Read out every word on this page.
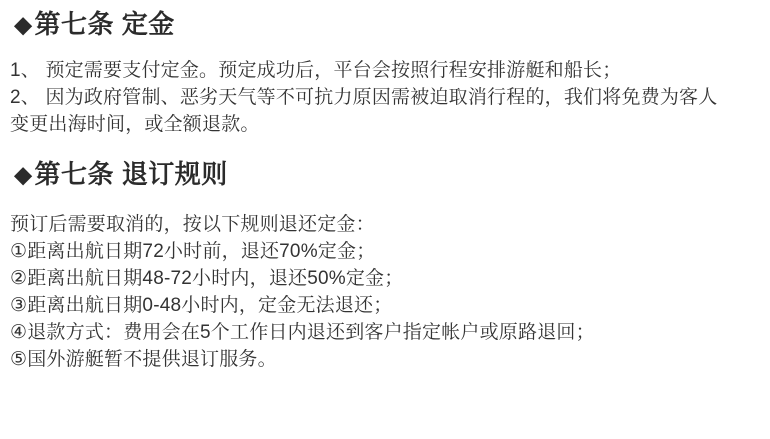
◆第七条 定金
1、 预定需要支付定金。预定成功后，平台会按照行程安排游艇和船长；
2、 因为政府管制、恶劣天气等不可抗力原因需被迫取消行程的，我们将免费为客人
变更出海时间，或全额退款。
◆第七条 退订规则
预订后需要取消的，按以下规则退还定金：
①距离出航日期72小时前，退还70%定金；
②距离出航日期48-72小时内，退还50%定金；
③距离出航日期0-48小时内，定金无法退还；
④退款方式：费用会在5个工作日内退还到客户指定帐户或原路退回；
⑤国外游艇暂不提供退订服务。
